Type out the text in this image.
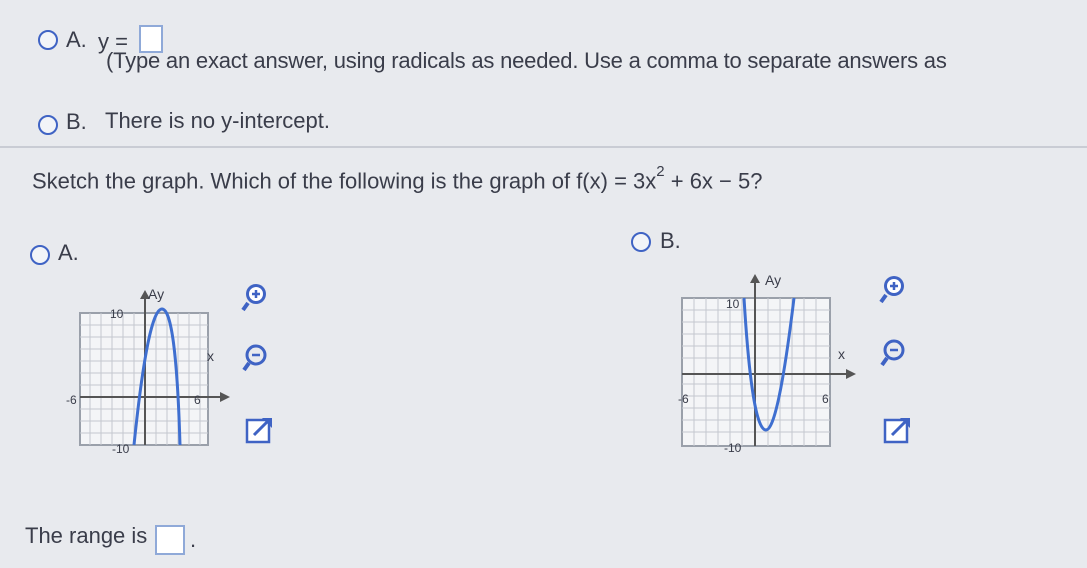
A. y =
(Type an exact answer, using radicals as needed. Use a comma to separate answers as
B. There is no y-intercept.
Sketch the graph. Which of the following is the graph of $f(x) = 3x^2 + 6x - 5$?
A.
Ay
10
-10
-6	6
x
B.
Ay
10
-10
-6	6
x
The range is .
